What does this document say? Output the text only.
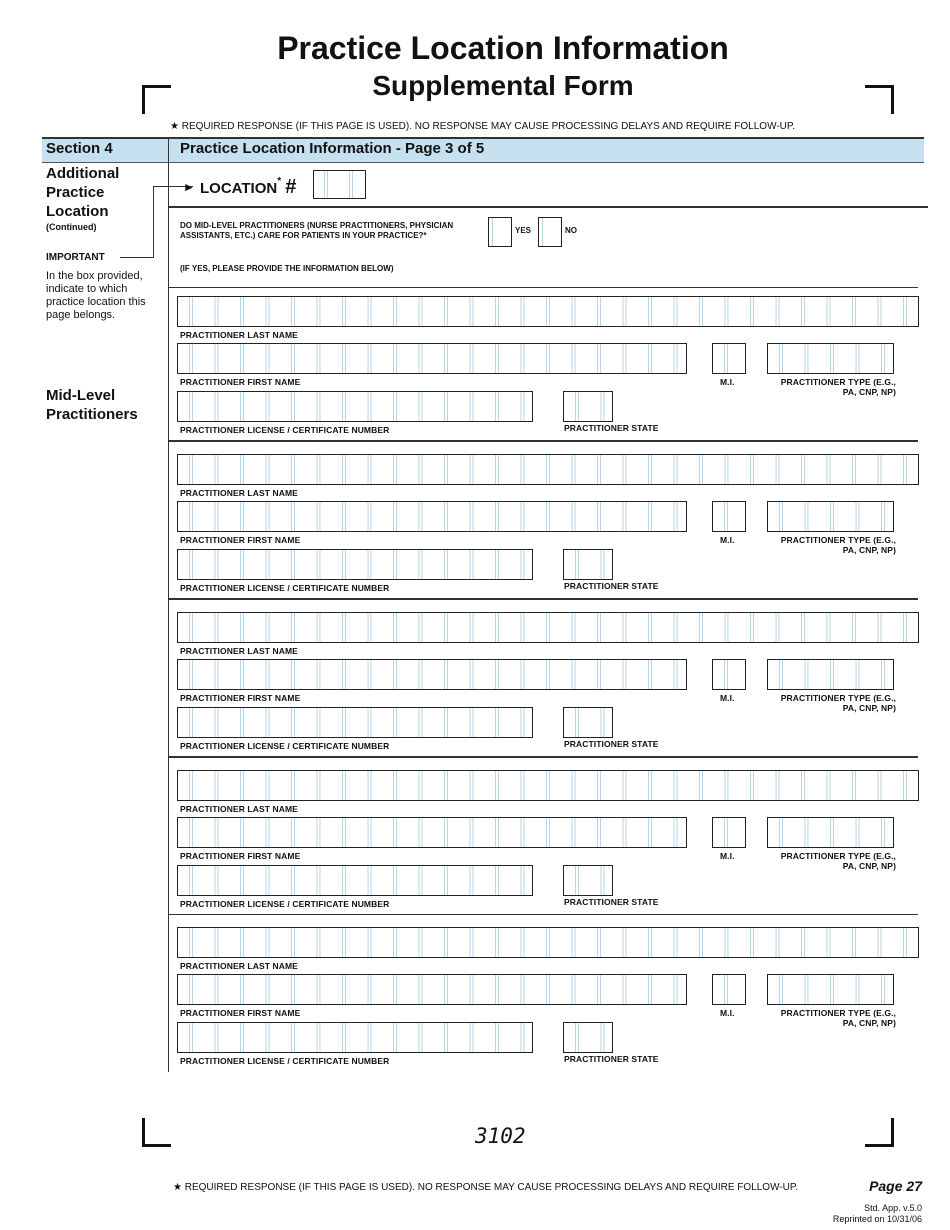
Practice Location Information
Supplemental Form
★ REQUIRED RESPONSE (IF THIS PAGE IS USED). NO RESPONSE MAY CAUSE PROCESSING DELAYS AND REQUIRE FOLLOW-UP.
Section 4	Practice Location Information - Page 3 of 5
Additional Practice Location
(Continued)
IMPORTANT
In the box provided, indicate to which practice location this page belongs.
Mid-Level Practitioners
► LOCATION* #
DO MID-LEVEL PRACTITIONERS (NURSE PRACTITIONERS, PHYSICIAN ASSISTANTS, ETC.) CARE FOR PATIENTS IN YOUR PRACTICE?*	YES	NO
(IF YES, PLEASE PROVIDE THE INFORMATION BELOW)
PRACTITIONER LAST NAME
PRACTITIONER FIRST NAME	M.I.	PRACTITIONER TYPE (E.G., PA, CNP, NP)
PRACTITIONER LICENSE / CERTIFICATE NUMBER	PRACTITIONER STATE
PRACTITIONER LAST NAME
PRACTITIONER FIRST NAME	M.I.	PRACTITIONER TYPE (E.G., PA, CNP, NP)
PRACTITIONER LICENSE / CERTIFICATE NUMBER	PRACTITIONER STATE
PRACTITIONER LAST NAME
PRACTITIONER FIRST NAME	M.I.	PRACTITIONER TYPE (E.G., PA, CNP, NP)
PRACTITIONER LICENSE / CERTIFICATE NUMBER	PRACTITIONER STATE
PRACTITIONER LAST NAME
PRACTITIONER FIRST NAME	M.I.	PRACTITIONER TYPE (E.G., PA, CNP, NP)
PRACTITIONER LICENSE / CERTIFICATE NUMBER	PRACTITIONER STATE
PRACTITIONER LAST NAME
PRACTITIONER FIRST NAME	M.I.	PRACTITIONER TYPE (E.G., PA, CNP, NP)
PRACTITIONER LICENSE / CERTIFICATE NUMBER	PRACTITIONER STATE
3102
★ REQUIRED RESPONSE (IF THIS PAGE IS USED). NO RESPONSE MAY CAUSE PROCESSING DELAYS AND REQUIRE FOLLOW-UP.	Page 27
Std. App. v.5.0
Reprinted on 10/31/06
